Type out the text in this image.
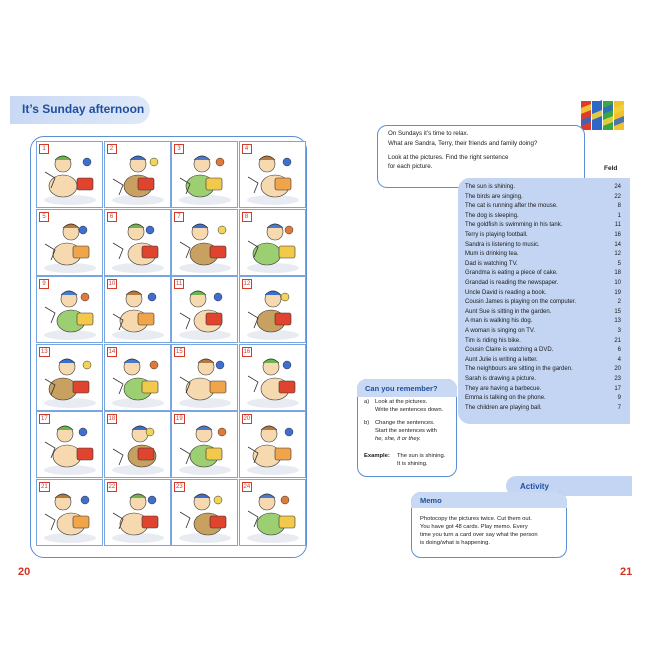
It’s Sunday afternoon
1	2	3	4
5	6	7	8
9	10	11	12
13	14	15	16
17	18	19	20
21	22	23	24
20	21
On Sundays it’s time to relax.
What are Sandra, Terry, their friends and family doing?
Look at the pictures. Find the right sentence
for each picture.	Feld
The sun is shining.	24
The birds are singing.	22
The cat is running after the mouse.	8
The dog is sleeping.	1
The goldfish is swimming in his tank.	11
Terry is playing football.	16
Sandra is listening to music.	14
Mum is drinking tea.	12
Dad is watching TV.	5
Grandma is eating a piece of cake.	18
Grandad is reading the newspaper.	10
Uncle David is reading a book.	19
Cousin James is playing on the computer.	2
Aunt Sue is sitting in the garden.	15
A man is walking his dog.	13
A woman is singing on TV.	3
Tim is riding his bike.	21
Cousin Claire is watching a DVD.	6
Aunt Julie is writing a letter.	4
The neighbours are sitting in the garden.	20
Sarah is drawing a picture.	23
They are having a barbecue.	17
Emma is talking on the phone.	9
The children are playing ball.	7
Can you remember?
a) Look at the pictures.
Write the sentences down.
b) Change the sentences.
Start the sentences with
he, she, it or they.
Example: The sun is shining.
It is shining.
Activity
Memo
Photocopy the pictures twice. Cut them out.
You have got 48 cards. Play memo. Every
time you turn a card over say what the person
is doing/what is happening.
